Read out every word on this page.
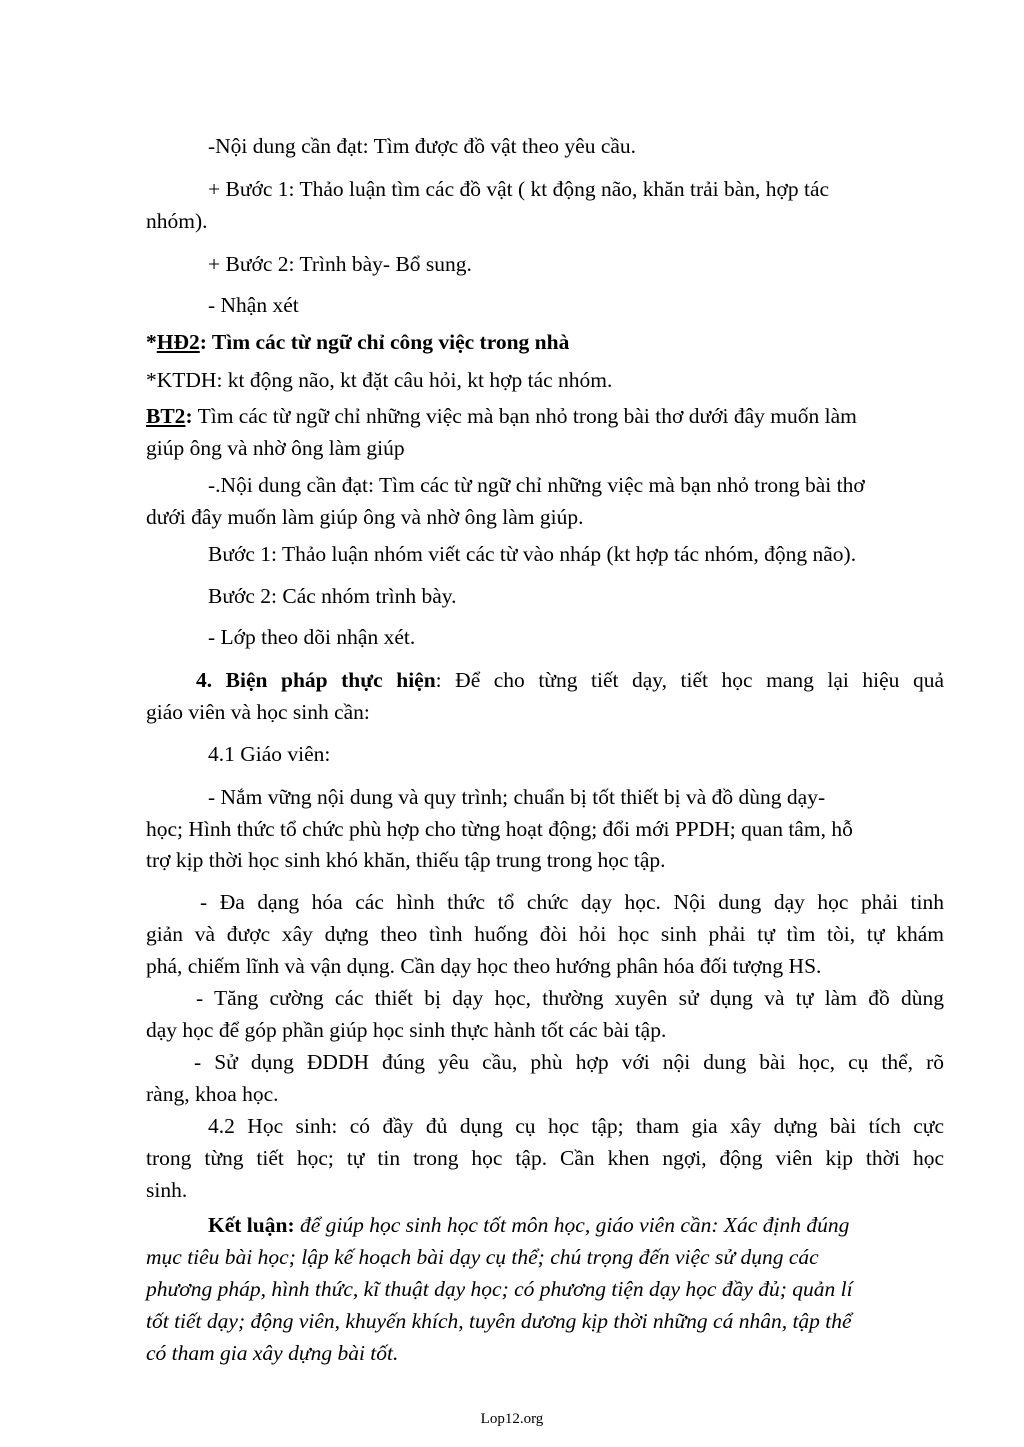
-Nội dung cần đạt: Tìm được đồ vật theo yêu cầu.
+ Bước 1: Thảo luận tìm các đồ vật ( kt động não, khăn trải bàn, hợp tác
nhóm).
+ Bước 2: Trình bày- Bổ sung.
- Nhận xét
*HĐ2: Tìm các từ ngữ chỉ công việc trong nhà
*KTDH: kt động não, kt đặt câu hỏi, kt hợp tác nhóm.
BT2: Tìm các từ ngữ chỉ những việc mà bạn nhỏ trong bài thơ dưới đây muốn làm
giúp ông và nhờ ông làm giúp
-.Nội dung cần đạt: Tìm các từ ngữ chỉ những việc mà bạn nhỏ trong bài thơ
dưới đây muốn làm giúp ông và nhờ ông làm giúp.
Bước 1: Thảo luận nhóm viết các từ vào nháp (kt hợp tác nhóm, động não).
Bước 2: Các nhóm trình bày.
- Lớp theo dõi nhận xét.
4. Biện pháp thực hiện: Để cho từng tiết dạy, tiết học mang lại hiệu quả
giáo viên và học sinh cần:
4.1 Giáo viên:
- Nắm vững nội dung và quy trình; chuẩn bị tốt thiết bị và đồ dùng dạy-
học; Hình thức tổ chức phù hợp cho từng hoạt động; đổi mới PPDH; quan tâm, hỗ
trợ kịp thời học sinh khó khăn, thiếu tập trung trong học tập.
- Đa dạng hóa các hình thức tổ chức dạy học. Nội dung dạy học phải tinh
giản và được xây dựng theo tình huống đòi hỏi học sinh phải tự tìm tòi, tự khám
phá, chiếm lĩnh và vận dụng. Cần dạy học theo hướng phân hóa đối tượng HS.
- Tăng cường các thiết bị dạy học, thường xuyên sử dụng và tự làm đồ dùng
dạy học để góp phần giúp học sinh thực hành tốt các bài tập.
- Sử dụng ĐDDH đúng yêu cầu, phù hợp với nội dung bài học, cụ thể, rõ
ràng, khoa học.
4.2 Học sinh: có đầy đủ dụng cụ học tập; tham gia xây dựng bài tích cực
trong từng tiết học; tự tin trong học tập. Cần khen ngợi, động viên kịp thời học
sinh.
Kết luận: để giúp học sinh học tốt môn học, giáo viên cần: Xác định đúng
mục tiêu bài học; lập kế hoạch bài dạy cụ thể; chú trọng đến việc sử dụng các
phương pháp, hình thức, kĩ thuật dạy học; có phương tiện dạy học đầy đủ; quản lí
tốt tiết dạy; động viên, khuyến khích, tuyên dương kịp thời những cá nhân, tập thể
có tham gia xây dựng bài tốt.
Lop12.org
